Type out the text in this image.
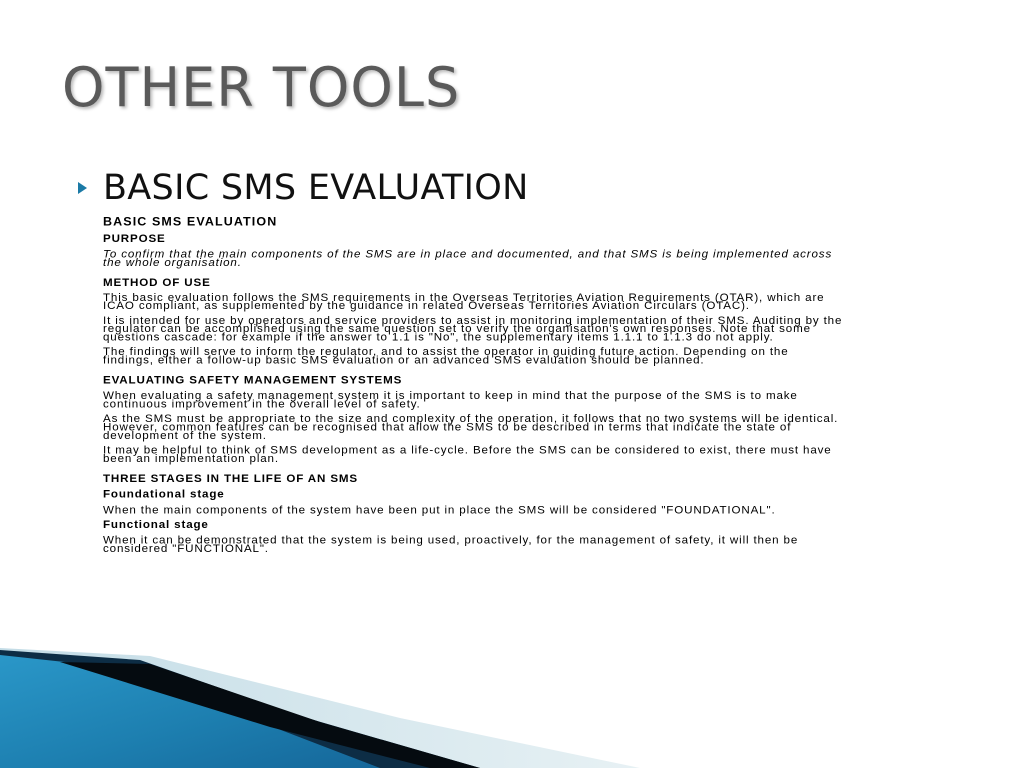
OTHER TOOLS
BASIC SMS EVALUATION
BASIC SMS EVALUATION
PURPOSE

To confirm that the main components of the SMS are in place and documented, and that SMS is being implemented across the whole organisation.

METHOD OF USE

This basic evaluation follows the SMS requirements in the Overseas Territories Aviation Requirements (OTAR), which are ICAO compliant, as supplemented by the guidance in related Overseas Territories Aviation Circulars (OTAC).

It is intended for use by operators and service providers to assist in monitoring implementation of their SMS. Auditing by the regulator can be accomplished using the same question set to verify the organisation's own responses. Note that some questions cascade: for example if the answer to 1.1 is "No", the supplementary items 1.1.1 to 1.1.3 do not apply.

The findings will serve to inform the regulator, and to assist the operator in guiding future action. Depending on the findings, either a follow-up basic SMS evaluation or an advanced SMS evaluation should be planned.

EVALUATING SAFETY MANAGEMENT SYSTEMS

When evaluating a safety management system it is important to keep in mind that the purpose of the SMS is to make continuous improvement in the overall level of safety.

As the SMS must be appropriate to the size and complexity of the operation, it follows that no two systems will be identical. However, common features can be recognised that allow the SMS to be described in terms that indicate the state of development of the system.

It may be helpful to think of SMS development as a life-cycle. Before the SMS can be considered to exist, there must have been an implementation plan.

THREE STAGES IN THE LIFE OF AN SMS
Foundational stage

When the main components of the system have been put in place the SMS will be considered "FOUNDATIONAL".

Functional stage

When it can be demonstrated that the system is being used, proactively, for the management of safety, it will then be considered "FUNCTIONAL".
